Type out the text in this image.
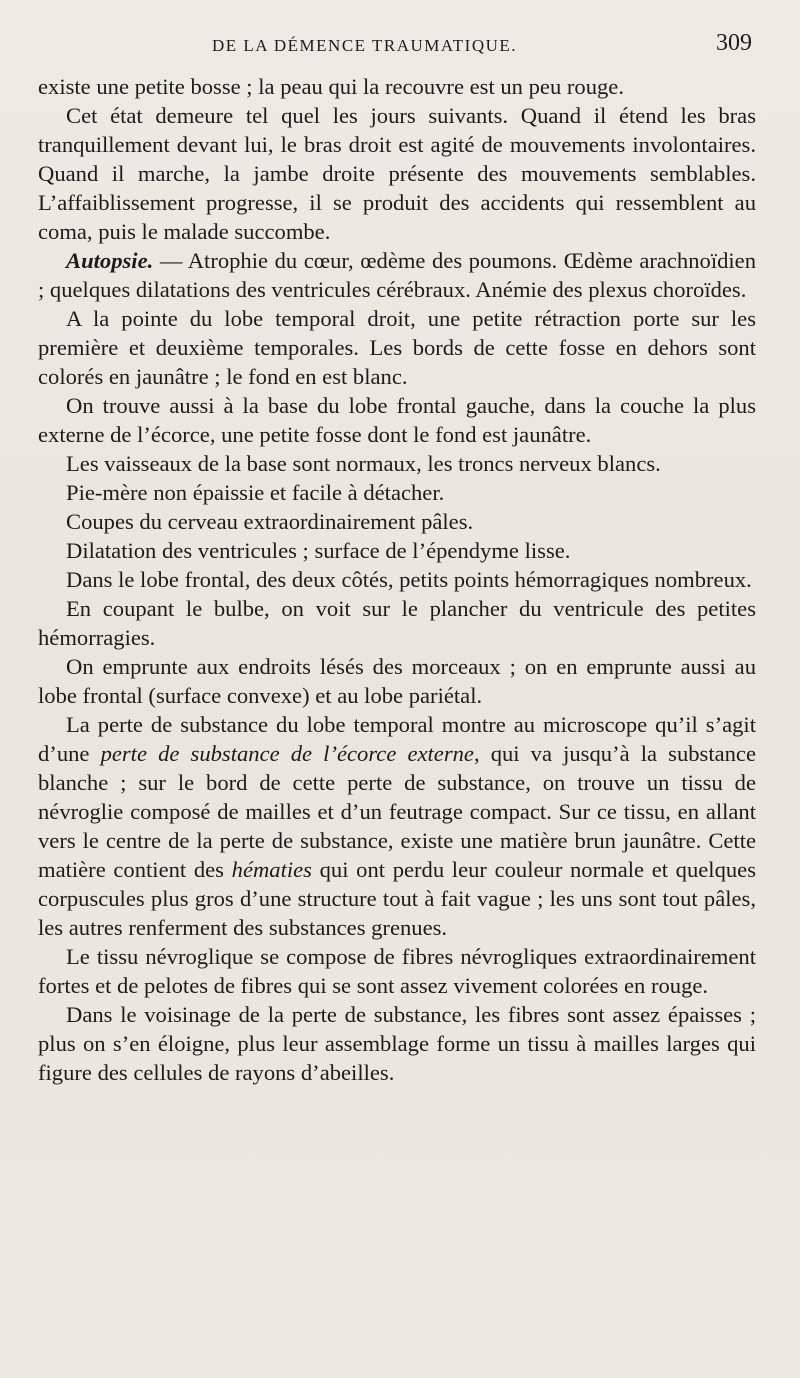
DE LA DÉMENCE TRAUMATIQUE.	309

existe une petite bosse ; la peau qui la recouvre est un peu rouge.

Cet état demeure tel quel les jours suivants. Quand il étend les bras tranquillement devant lui, le bras droit est agité de mouvements involontaires. Quand il marche, la jambe droite présente des mouvements semblables. L’affaiblissement progresse, il se produit des accidents qui ressemblent au coma, puis le malade succombe.

Autopsie. — Atrophie du cœur, œdème des poumons. Œdème arachnoïdien ; quelques dilatations des ventricules cérébraux. Anémie des plexus choroïdes.

A la pointe du lobe temporal droit, une petite rétraction porte sur les première et deuxième temporales. Les bords de cette fosse en dehors sont colorés en jaunâtre ; le fond en est blanc.

On trouve aussi à la base du lobe frontal gauche, dans la couche la plus externe de l’écorce, une petite fosse dont le fond est jaunâtre.

Les vaisseaux de la base sont normaux, les troncs nerveux blancs.

Pie-mère non épaissie et facile à détacher.

Coupes du cerveau extraordinairement pâles.

Dilatation des ventricules ; surface de l’épendyme lisse.

Dans le lobe frontal, des deux côtés, petits points hémorragiques nombreux.

En coupant le bulbe, on voit sur le plancher du ventricule des petites hémorragies.

On emprunte aux endroits lésés des morceaux ; on en emprunte aussi au lobe frontal (surface convexe) et au lobe pariétal.

La perte de substance du lobe temporal montre au microscope qu’il s’agit d’une perte de substance de l’écorce externe, qui va jusqu’à la substance blanche ; sur le bord de cette perte de substance, on trouve un tissu de névroglie composé de mailles et d’un feutrage compact. Sur ce tissu, en allant vers le centre de la perte de substance, existe une matière brun jaunâtre. Cette matière contient des hématies qui ont perdu leur couleur normale et quelques corpuscules plus gros d’une structure tout à fait vague ; les uns sont tout pâles, les autres renferment des substances grenues.

Le tissu névroglique se compose de fibres névrogliques extraordinairement fortes et de pelotes de fibres qui se sont assez vivement colorées en rouge.

Dans le voisinage de la perte de substance, les fibres sont assez épaisses ; plus on s’en éloigne, plus leur assemblage forme un tissu à mailles larges qui figure des cellules de rayons d’abeilles.
